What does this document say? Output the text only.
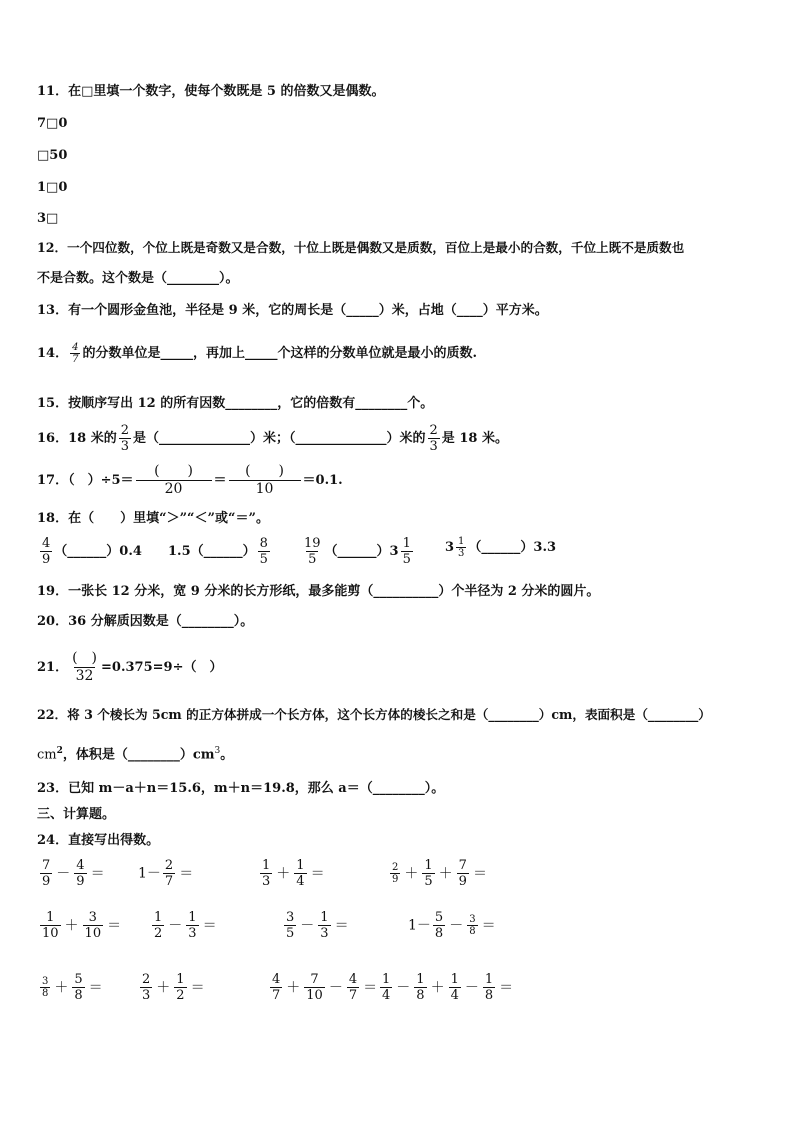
11．在□里填一个数字，使每个数既是 5 的倍数又是偶数。
7□0
□50
1□0
3□
12．一个四位数，个位上既是奇数又是合数，十位上既是偶数又是质数，百位上是最小的合数，千位上既不是质数也
不是合数。这个数是（________）。
13．有一个圆形金鱼池，半径是 9 米，它的周长是（_____）米，占地（____）平方米。
14． $\frac{4}{7}$ 的分数单位是_____，再加上_____个这样的分数单位就是最小的质数.
15．按顺序写出 12 的所有因数________，它的倍数有________个。
16．18 米的 $\frac{2}{3}$ 是（______________）米；（______________）米的 $\frac{2}{3}$ 是 18 米。
17．（　）$\div 5= \frac{( )}{20} = \frac{( )}{10} =0.1$.
18．在（　　）里填“＞”“＜”或“＝”。
$\frac{4}{9}$ （______）0.4 1.5（______） $\frac{8}{5} \frac{19}{5}$ （______）3 $\frac{1}{5} 3 \frac{1}{3}$ （______）3.3
19．一张长 12 分米，宽 9 分米的长方形纸，最多能剪（__________）个半径为 2 分米的圆片。
20．36 分解质因数是（________）。
21． $\frac{( )}{32} =0.375=9\div$（　）
22．将 3 个棱长为 5cm 的正方体拼成一个长方体，这个长方体的棱长之和是（________）cm，表面积是（________）
$cm^2$，体积是$(\_\_\_\_\_\_\_\_)cm^3$。
23．已知 m－a＋n＝15.6，m＋n＝19.8，那么 a＝（________）。
三、计算题。
24．直接写出得数。
$\frac{7}{9} - \frac{4}{9} = 1- \frac{2}{7}$ ＝	$\frac{1}{3} + \frac{1}{4}$ ＝	$\frac{2}{9} + \frac{1}{5} + \frac{7}{9}$ ＝
$\frac{1}{10} + \frac{3}{10} = \frac{1}{2} - \frac{1}{3}$ ＝	$\frac{3}{5} - \frac{1}{3}$ ＝	$1- \frac{5}{8} - \frac{3}{8}$ ＝
$\frac{3}{8} + \frac{5}{8}$ ＝	$\frac{2}{3} + \frac{1}{2}$ ＝	$\frac{4}{7} + \frac{7}{10} - \frac{4}{7} = \frac{1}{4} - \frac{1}{8} + \frac{1}{4} - \frac{1}{8}$ ＝
